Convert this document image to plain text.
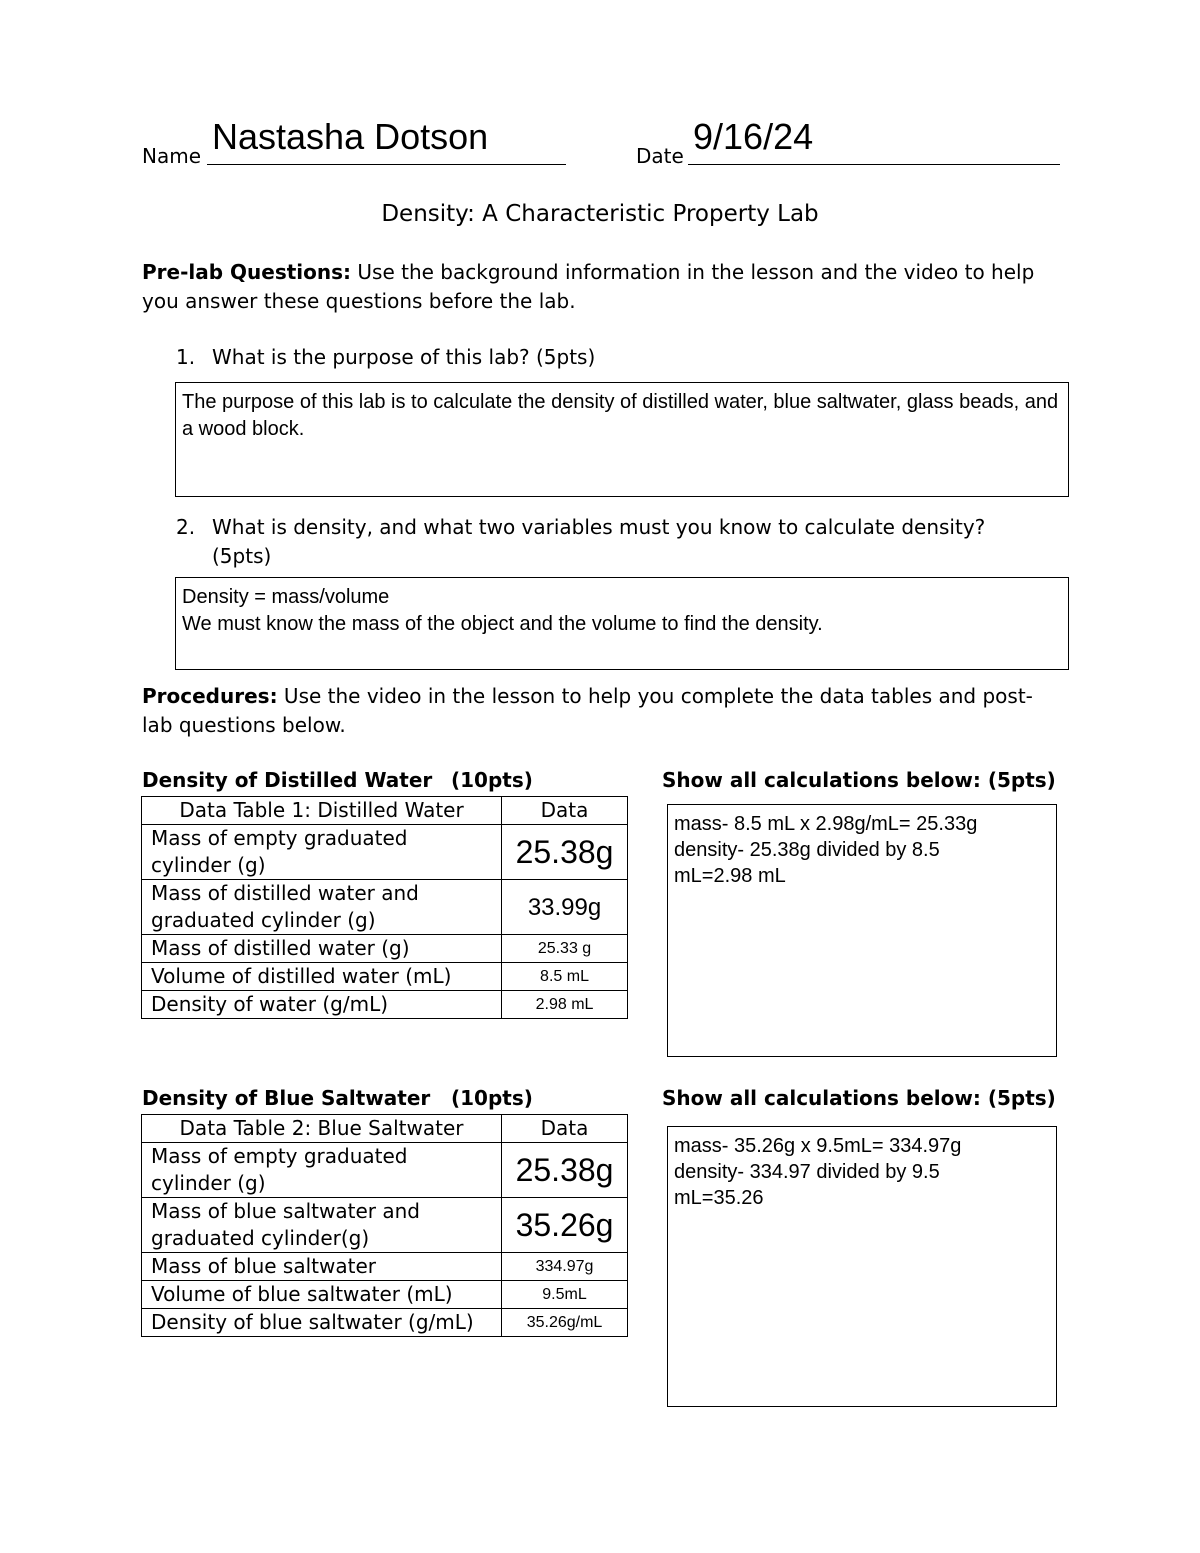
Name Nastasha Dotson	Date 9/16/24
Density: A Characteristic Property Lab
Pre-lab Questions: Use the background information in the lesson and the video to help you answer these questions before the lab.
1. What is the purpose of this lab? (5pts)
The purpose of this lab is to calculate the density of distilled water, blue saltwater, glass beads, and a wood block.
2. What is density, and what two variables must you know to calculate density? (5pts)
Density = mass/volume
We must know the mass of the object and the volume to find the density.
Procedures: Use the video in the lesson to help you complete the data tables and post-lab questions below.
Density of Distilled Water (10pts)	Show all calculations below: (5pts)
Data Table 1: Distilled Water	Data
Mass of empty graduated cylinder (g)	25.38g
Mass of distilled water and graduated cylinder (g)	33.99g
Mass of distilled water (g)	25.33 g
Volume of distilled water (mL)	8.5 mL
Density of water (g/mL)	2.98 mL
mass- 8.5 mL x 2.98g/mL= 25.33g
density- 25.38g divided by 8.5
mL=2.98 mL
Density of Blue Saltwater (10pts)	Show all calculations below: (5pts)
Data Table 2: Blue Saltwater	Data
Mass of empty graduated cylinder (g)	25.38g
Mass of blue saltwater and graduated cylinder(g)	35.26g
Mass of blue saltwater	334.97g
Volume of blue saltwater (mL)	9.5mL
Density of blue saltwater (g/mL)	35.26g/mL
mass- 35.26g x 9.5mL= 334.97g
density- 334.97 divided by 9.5
mL=35.26
